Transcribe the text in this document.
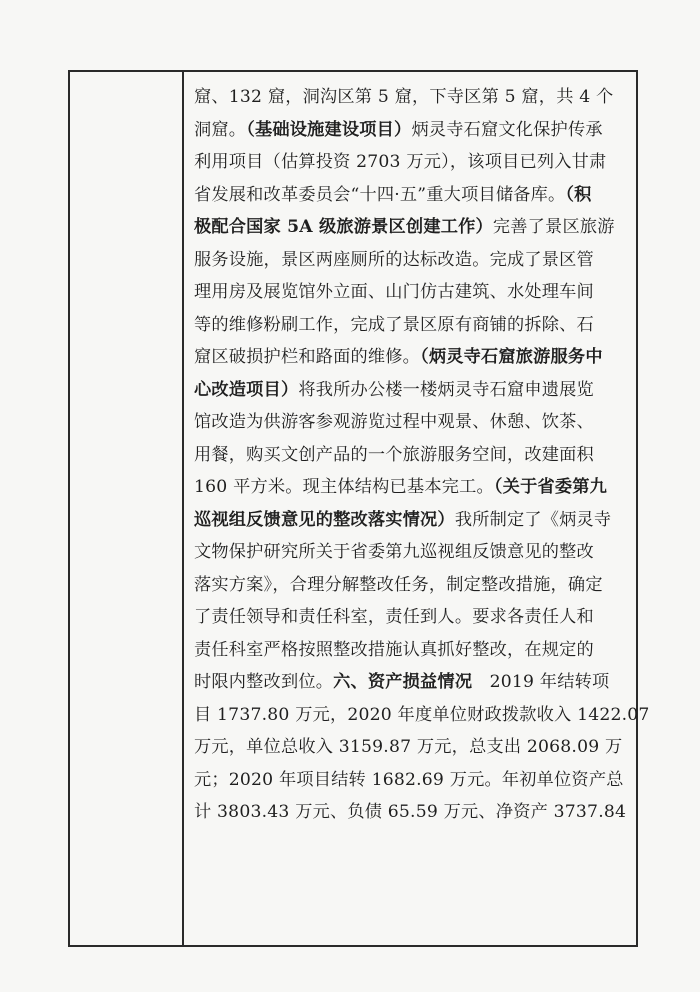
窟、132 窟，洞沟区第 5 窟，下寺区第 5 窟，共 4 个
洞窟。（基础设施建设项目）炳灵寺石窟文化保护传承
利用项目（估算投资 2703 万元），该项目已列入甘肃
省发展和改革委员会“十四·五”重大项目储备库。（积
极配合国家 5A 级旅游景区创建工作）完善了景区旅游
服务设施，景区两座厕所的达标改造。完成了景区管
理用房及展览馆外立面、山门仿古建筑、水处理车间
等的维修粉刷工作，完成了景区原有商铺的拆除、石
窟区破损护栏和路面的维修。（炳灵寺石窟旅游服务中
心改造项目）将我所办公楼一楼炳灵寺石窟申遗展览
馆改造为供游客参观游览过程中观景、休憩、饮茶、
用餐，购买文创产品的一个旅游服务空间，改建面积
160 平方米。现主体结构已基本完工。（关于省委第九
巡视组反馈意见的整改落实情况）我所制定了《炳灵寺
文物保护研究所关于省委第九巡视组反馈意见的整改
落实方案》，合理分解整改任务，制定整改措施，确定
了责任领导和责任科室，责任到人。要求各责任人和
责任科室严格按照整改措施认真抓好整改，在规定的
时限内整改到位。六、资产损益情况　2019 年结转项
目 1737.80 万元，2020 年度单位财政拨款收入 1422.07
万元，单位总收入 3159.87 万元，总支出 2068.09 万
元；2020 年项目结转 1682.69 万元。年初单位资产总
计 3803.43 万元、负债 65.59 万元、净资产 3737.84
